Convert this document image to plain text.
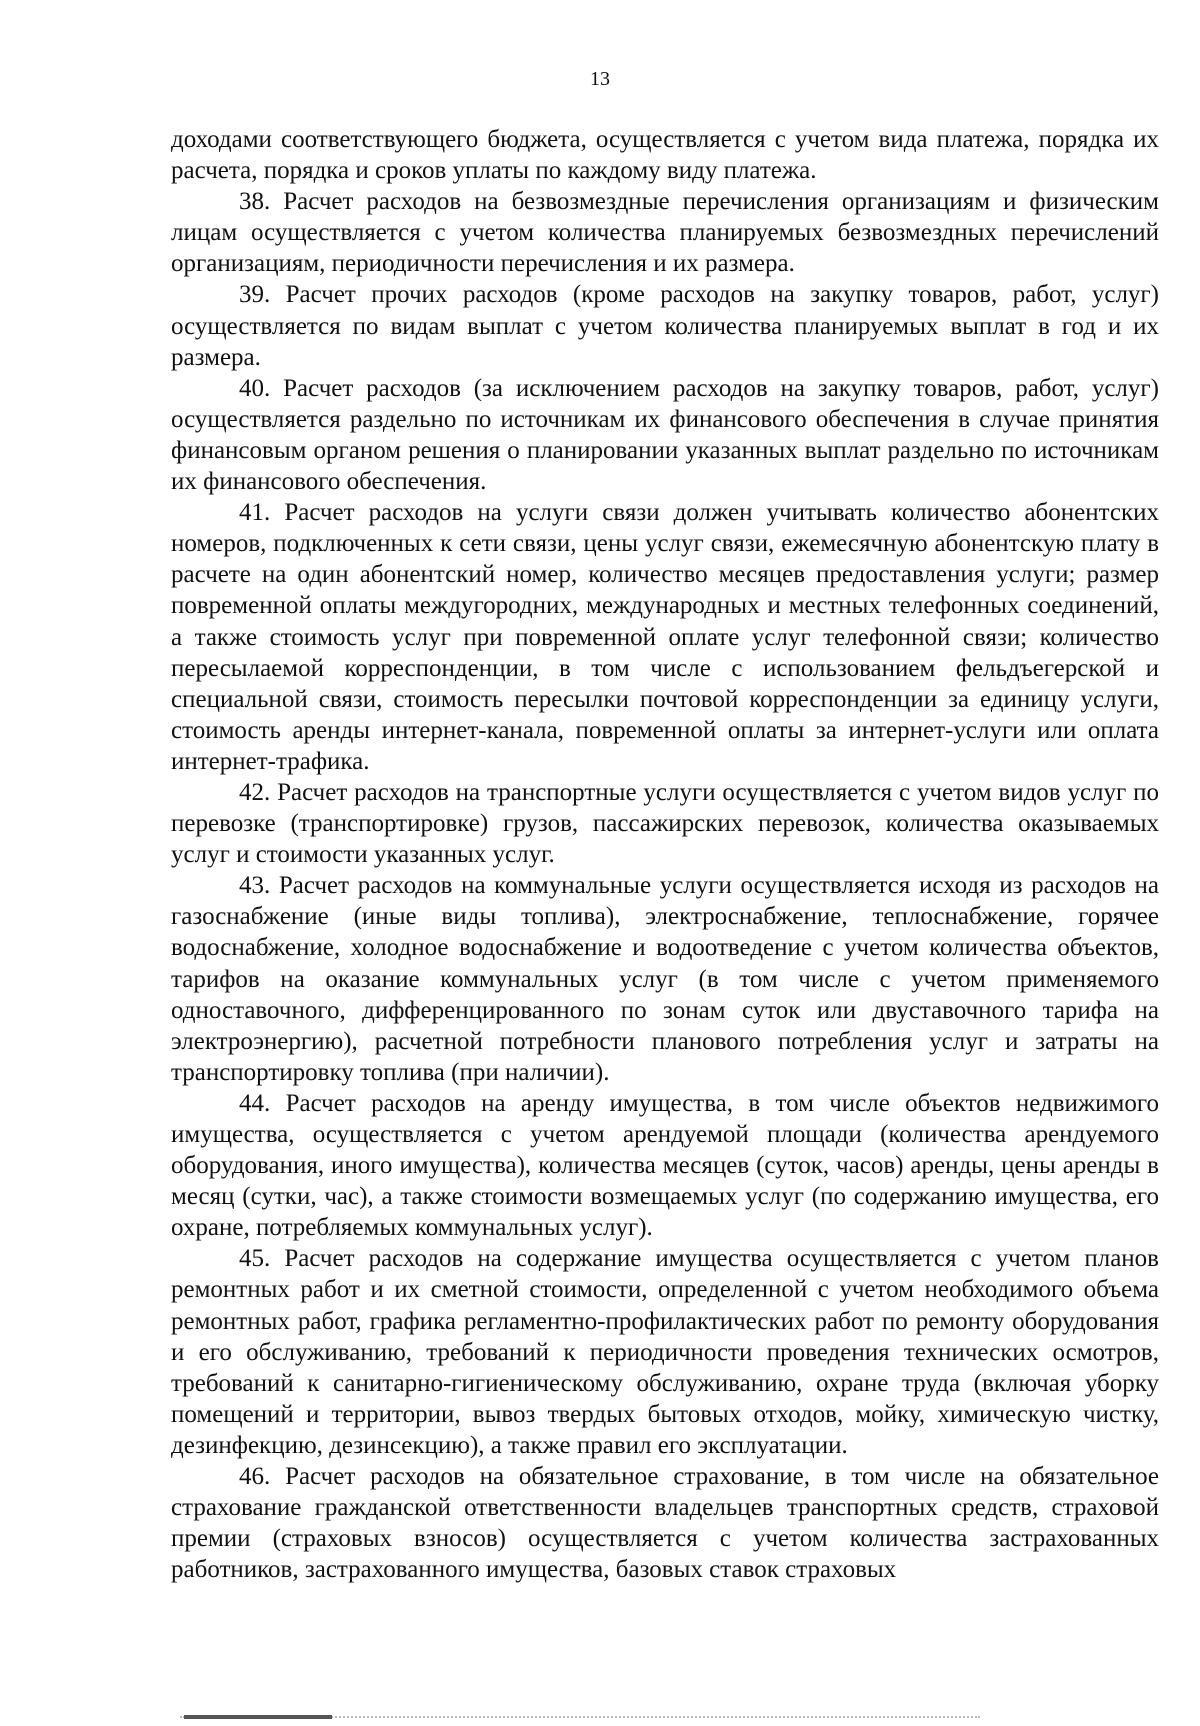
13

доходами соответствующего бюджета, осуществляется с учетом вида платежа, порядка их расчета, порядка и сроков уплаты по каждому виду платежа.

38. Расчет расходов на безвозмездные перечисления организациям и физическим лицам осуществляется с учетом количества планируемых безвозмездных перечислений организациям, периодичности перечисления и их размера.

39. Расчет прочих расходов (кроме расходов на закупку товаров, работ, услуг) осуществляется по видам выплат с учетом количества планируемых выплат в год и их размера.

40. Расчет расходов (за исключением расходов на закупку товаров, работ, услуг) осуществляется раздельно по источникам их финансового обеспечения в случае принятия финансовым органом решения о планировании указанных выплат раздельно по источникам их финансового обеспечения.

41. Расчет расходов на услуги связи должен учитывать количество абонентских номеров, подключенных к сети связи, цены услуг связи, ежемесячную абонентскую плату в расчете на один абонентский номер, количество месяцев предоставления услуги; размер повременной оплаты междугородних, международных и местных телефонных соединений, а также стоимость услуг при повременной оплате услуг телефонной связи; количество пересылаемой корреспонденции, в том числе с использованием фельдъегерской и специальной связи, стоимость пересылки почтовой корреспонденции за единицу услуги, стоимость аренды интернет-канала, повременной оплаты за интернет-услуги или оплата интернет-трафика.

42. Расчет расходов на транспортные услуги осуществляется с учетом видов услуг по перевозке (транспортировке) грузов, пассажирских перевозок, количества оказываемых услуг и стоимости указанных услуг.

43. Расчет расходов на коммунальные услуги осуществляется исходя из расходов на газоснабжение (иные виды топлива), электроснабжение, теплоснабжение, горячее водоснабжение, холодное водоснабжение и водоотведение с учетом количества объектов, тарифов на оказание коммунальных услуг (в том числе с учетом применяемого одноставочного, дифференцированного по зонам суток или двуставочного тарифа на электроэнергию), расчетной потребности планового потребления услуг и затраты на транспортировку топлива (при наличии).

44. Расчет расходов на аренду имущества, в том числе объектов недвижимого имущества, осуществляется с учетом арендуемой площади (количества арендуемого оборудования, иного имущества), количества месяцев (суток, часов) аренды, цены аренды в месяц (сутки, час), а также стоимости возмещаемых услуг (по содержанию имущества, его охране, потребляемых коммунальных услуг).

45. Расчет расходов на содержание имущества осуществляется с учетом планов ремонтных работ и их сметной стоимости, определенной с учетом необходимого объема ремонтных работ, графика регламентно-профилактических работ по ремонту оборудования и его обслуживанию, требований к периодичности проведения технических осмотров, требований к санитарно-гигиеническому обслуживанию, охране труда (включая уборку помещений и территории, вывоз твердых бытовых отходов, мойку, химическую чистку, дезинфекцию, дезинсекцию), а также правил его эксплуатации.

46. Расчет расходов на обязательное страхование, в том числе на обязательное страхование гражданской ответственности владельцев транспортных средств, страховой премии (страховых взносов) осуществляется с учетом количества застрахованных работников, застрахованного имущества, базовых ставок страховых
